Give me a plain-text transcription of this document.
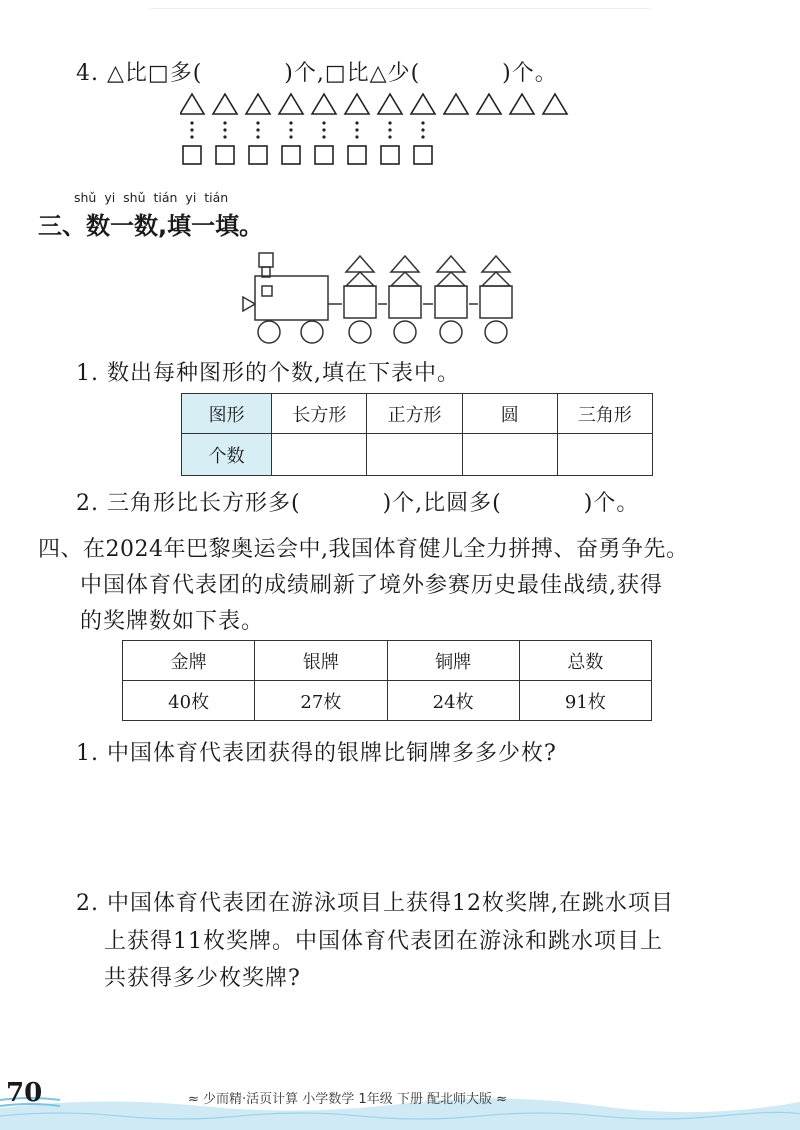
4. △比□多(	)个,□比△少(	)个。
shǔ yi shǔ tián yi tián
三、数一数,填一填。
1. 数出每种图形的个数,填在下表中。
图形	长方形	正方形	圆	三角形
个数				
2. 三角形比长方形多(	)个,比圆多(	)个。
四、在2024年巴黎奥运会中,我国体育健儿全力拼搏、奋勇争先。
中国体育代表团的成绩刷新了境外参赛历史最佳战绩,获得
的奖牌数如下表。
金牌	银牌	铜牌	总数
40枚	27枚	24枚	91枚
1. 中国体育代表团获得的银牌比铜牌多多少枚?
2. 中国体育代表团在游泳项目上获得12枚奖牌,在跳水项目
上获得11枚奖牌。中国体育代表团在游泳和跳水项目上
共获得多少枚奖牌?
70	≈ 少而精·活页计算 小学数学 1年级 下册 配北师大版 ≈
